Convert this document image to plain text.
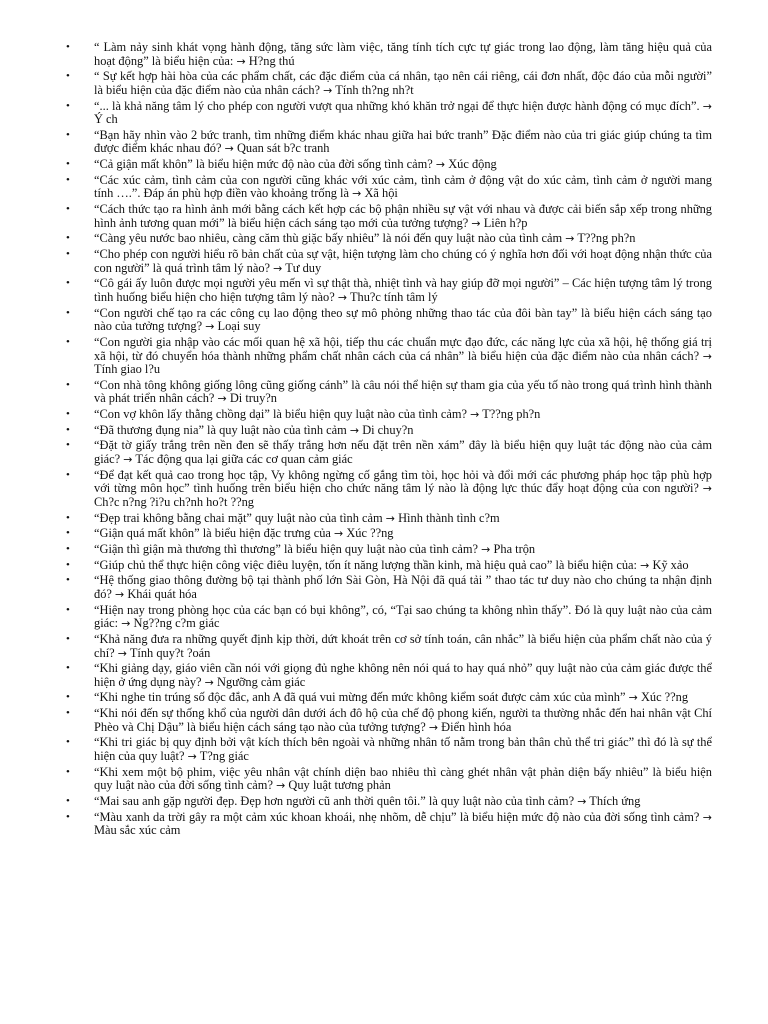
• “ Làm nảy sinh khát vọng hành động, tăng sức làm việc, tăng tính tích cực tự giác trong lao động, làm tăng hiệu quả của hoạt động” là biểu hiện của: → H?ng thú
• “ Sự kết hợp hài hòa của các phẩm chất, các đặc điểm của cá nhân, tạo nên cái riêng, cái đơn nhất, độc đáo của mỗi người” là biểu hiện của đặc điểm nào của nhân cách? → Tính th?ng nh?t
• “... là khả năng tâm lý cho phép con người vượt qua những khó khăn trở ngại để thực hiện được hành động có mục đích”. → Ý ch
• “Bạn hãy nhìn vào 2 bức tranh, tìm những điểm khác nhau giữa hai bức tranh” Đặc điểm nào của tri giác giúp chúng ta tìm được điểm khác nhau đó? → Quan sát b?c tranh
• “Cả giận mất khôn” là biểu hiện mức độ nào của đời sống tình cảm? → Xúc động
• “Các xúc cảm, tình cảm của con người cũng khác với xúc cảm, tình cảm ở động vật do xúc cảm, tình cảm ở người mang tính ….”. Đáp án phù hợp điền vào khoảng trống là → Xã hội
• “Cách thức tạo ra hình ảnh mới bằng cách kết hợp các bộ phận nhiều sự vật với nhau và được cải biến sắp xếp trong những hình ảnh tương quan mới” là biểu hiện cách sáng tạo mới của tưởng tượng? → Liên h?p
• “Càng yêu nước bao nhiêu, càng căm thù giặc bấy nhiêu” là nói đến quy luật nào của tình cảm → T??ng ph?n
• “Cho phép con người hiểu rõ bản chất của sự vật, hiện tượng làm cho chúng có ý nghĩa hơn đối với hoạt động nhận thức của con người” là quá trình tâm lý nào? → Tư duy
• “Cô gái ấy luôn được mọi người yêu mến vì sự thật thà, nhiệt tình và hay giúp đỡ mọi người” – Các hiện tượng tâm lý trong tình huống biểu hiện cho hiện tượng tâm lý nào? → Thu?c tính tâm lý
• “Con người chế tạo ra các công cụ lao động theo sự mô phỏng những thao tác của đôi bàn tay” là biểu hiện cách sáng tạo nào của tưởng tượng? → Loại suy
• “Con người gia nhập vào các mối quan hệ xã hội, tiếp thu các chuẩn mực đạo đức, các năng lực của xã hội, hệ thống giá trị xã hội, từ đó chuyển hóa thành những phẩm chất nhân cách của cá nhân” là biểu hiện của đặc điểm nào của nhân cách? → Tính giao l?u
• “Con nhà tông không giống lông cũng giống cánh” là câu nói thể hiện sự tham gia của yếu tố nào trong quá trình hình thành và phát triển nhân cách? → Di truy?n
• “Con vợ khôn lấy thằng chồng dại” là biểu hiện quy luật nào của tình cảm? → T??ng ph?n
• “Đã thương đụng nia” là quy luật nào của tình cảm → Di chuy?n
• “Đặt tờ giấy trắng trên nền đen sẽ thấy trắng hơn nếu đặt trên nền xám” đây là biểu hiện quy luật tác động nào của cảm giác? → Tác động qua lại giữa các cơ quan cảm giác
• “Để đạt kết quả cao trong học tập, Vy không ngừng cố gắng tìm tòi, học hỏi và đổi mới các phương pháp học tập phù hợp với từng môn học” tình huống trên biểu hiện cho chức năng tâm lý nào là động lực thúc đẩy hoạt động của con người? → Ch?c n?ng ?i?u ch?nh ho?t ??ng
• “Đẹp trai không bằng chai mặt” quy luật nào của tình cảm → Hình thành tình c?m
• “Giận quá mất khôn” là biểu hiện đặc trưng của → Xúc ??ng
• “Giận thì giận mà thương thì thương” là biểu hiện quy luật nào của tình cảm? → Pha trộn
• “Giúp chủ thể thực hiện công việc điêu luyện, tốn ít năng lượng thần kinh, mà hiệu quả cao” là biểu hiện của: → Kỹ xảo
• “Hệ thống giao thông đường bộ tại thành phố lớn Sài Gòn, Hà Nội đã quá tải ” thao tác tư duy nào cho chúng ta nhận định đó? → Khái quát hóa
• “Hiện nay trong phòng học của các bạn có bụi không”, có, “Tại sao chúng ta không nhìn thấy”. Đó là quy luật nào của cảm giác: → Ng??ng c?m giác
• “Khả năng đưa ra những quyết định kịp thời, dứt khoát trên cơ sở tính toán, cân nhắc” là biểu hiện của phẩm chất nào của ý chí? → Tính quy?t ?oán
• “Khi giảng dạy, giáo viên cần nói với giọng đủ nghe không nên nói quá to hay quá nhỏ” quy luật nào của cảm giác được thể hiện ở ứng dụng này? → Ngưỡng cảm giác
• “Khi nghe tin trúng số độc đắc, anh A đã quá vui mừng đến mức không kiểm soát được cảm xúc của mình” → Xúc ??ng
• “Khi nói đến sự thống khổ của người dân dưới ách đô hộ của chế độ phong kiến, người ta thường nhắc đến hai nhân vật Chí Phèo và Chị Dậu” là biểu hiện cách sáng tạo nào của tưởng tượng? → Điển hình hóa
• “Khi tri giác bị quy định bởi vật kích thích bên ngoài và những nhân tố nằm trong bản thân chủ thể tri giác” thì đó là sự thể hiện của quy luật? → T?ng giác
• “Khi xem một bộ phim, việc yêu nhân vật chính diện bao nhiêu thì càng ghét nhân vật phản diện bấy nhiêu” là biểu hiện quy luật nào của đời sống tình cảm? → Quy luật tương phản
• “Mai sau anh gặp người đẹp. Đẹp hơn người cũ anh thời quên tôi.” là quy luật nào của tình cảm? → Thích ứng
• “Màu xanh da trời gây ra một cảm xúc khoan khoái, nhẹ nhõm, dễ chịu” là biểu hiện mức độ nào của đời sống tình cảm? → Màu sắc xúc cảm
